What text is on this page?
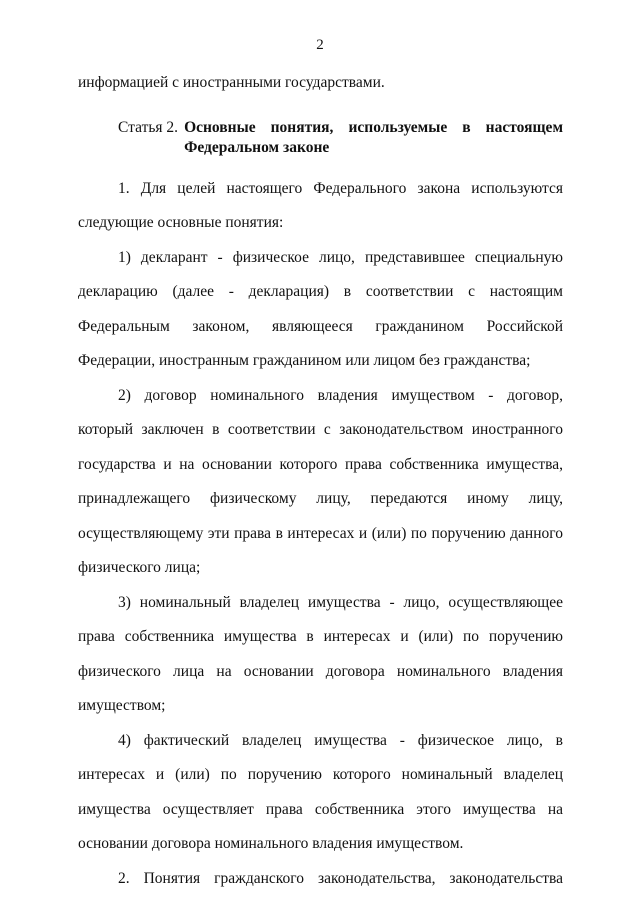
2

информацией с иностранными государствами.

Статья 2. Основные понятия, используемые в настоящем
Федеральном законе

1. Для целей настоящего Федерального закона используются следующие основные понятия:

1) декларант - физическое лицо, представившее специальную декларацию (далее - декларация) в соответствии с настоящим Федеральным законом, являющееся гражданином Российской Федерации, иностранным гражданином или лицом без гражданства;

2) договор номинального владения имуществом - договор, который заключен в соответствии с законодательством иностранного государства и на основании которого права собственника имущества, принадлежащего физическому лицу, передаются иному лицу, осуществляющему эти права в интересах и (или) по поручению данного физического лица;

3) номинальный владелец имущества - лицо, осуществляющее права собственника имущества в интересах и (или) по поручению физического лица на основании договора номинального владения имуществом;

4) фактический владелец имущества - физическое лицо, в интересах и (или) по поручению которого номинальный владелец имущества осуществляет права собственника этого имущества на основании договора номинального владения имуществом.

2. Понятия гражданского законодательства, законодательства
